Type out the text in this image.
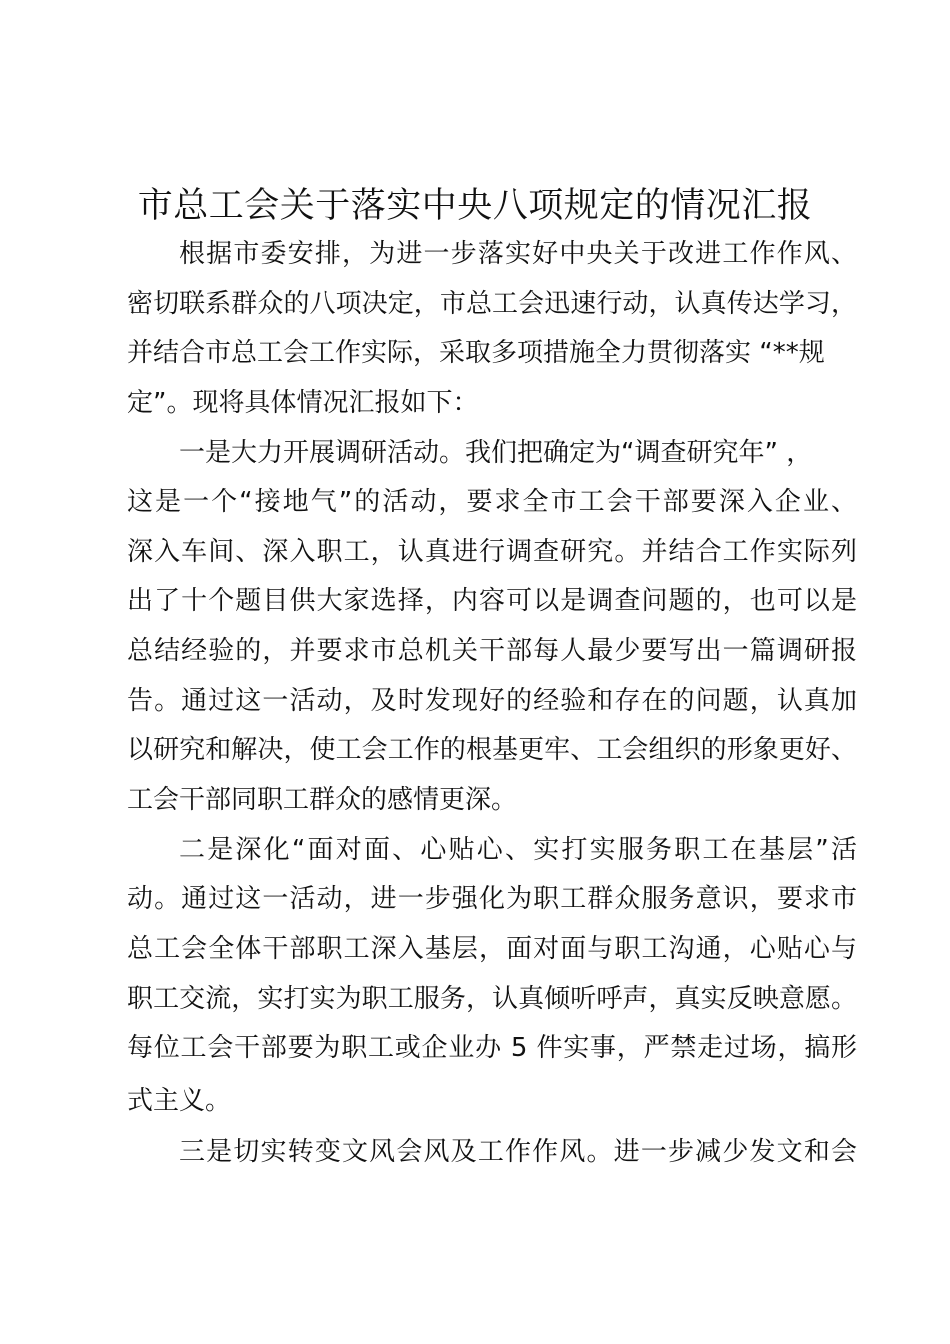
市总工会关于落实中央八项规定的情况汇报
根据市委安排，为进一步落实好中央关于改进工作作风、
密切联系群众的八项决定，市总工会迅速行动，认真传达学习，
并结合市总工会工作实际，采取多项措施全力贯彻落实 “**规
定”。现将具体情况汇报如下：
一是大力开展调研活动。我们把确定为“调查研究年” ，
这是一个“接地气”的活动，要求全市工会干部要深入企业、
深入车间、深入职工，认真进行调查研究。并结合工作实际列
出了十个题目供大家选择，内容可以是调查问题的，也可以是
总结经验的，并要求市总机关干部每人最少要写出一篇调研报
告。通过这一活动，及时发现好的经验和存在的问题，认真加
以研究和解决，使工会工作的根基更牢、工会组织的形象更好、
工会干部同职工群众的感情更深。
二是深化“面对面、心贴心、实打实服务职工在基层”活
动。通过这一活动，进一步强化为职工群众服务意识，要求市
总工会全体干部职工深入基层，面对面与职工沟通，心贴心与
职工交流，实打实为职工服务，认真倾听呼声，真实反映意愿。
每位工会干部要为职工或企业办 5 件实事，严禁走过场，搞形
式主义。
三是切实转变文风会风及工作作风。进一步减少发文和会
